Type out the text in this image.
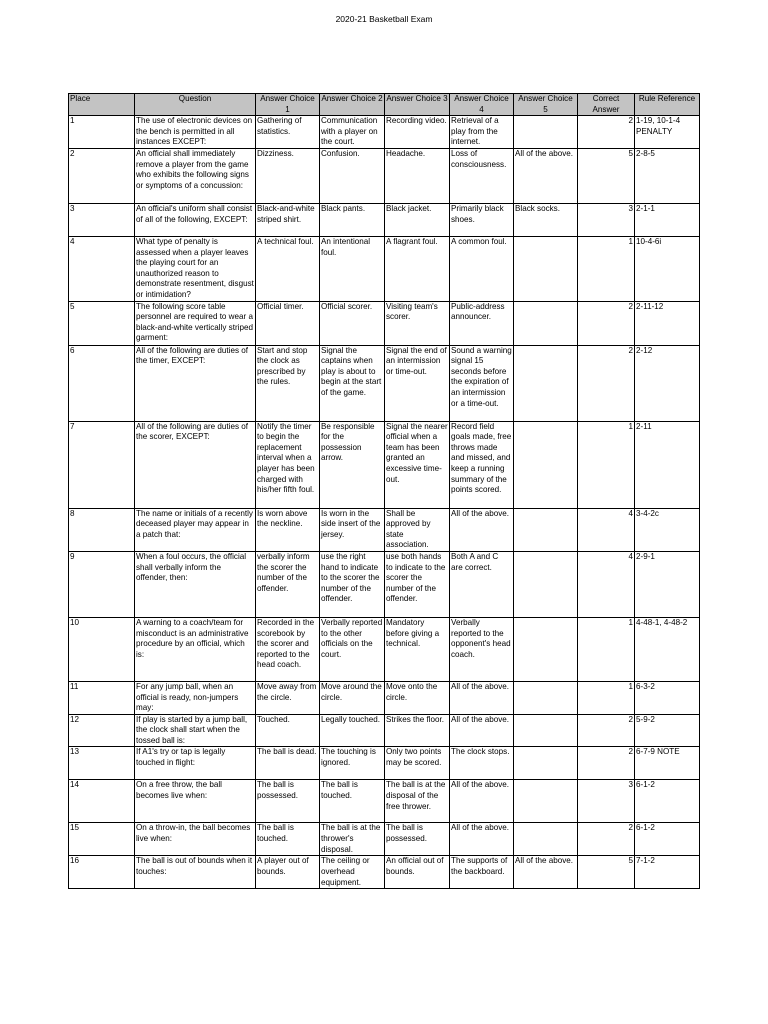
2020-21 Basketball Exam
Place	Question	Answer Choice 1	Answer Choice 2	Answer Choice 3	Answer Choice 4	Answer Choice 5	Correct Answer	Rule Reference
1	The use of electronic devices on the bench is permitted in all instances EXCEPT:	Gathering of statistics.	Communication with a player on the court.	Recording video.	Retrieval of a play from the internet.		2	1-19, 10-1-4 PENALTY
2	An official shall immediately remove a player from the game who exhibits the following signs or symptoms of a concussion:	Dizziness.	Confusion.	Headache.	Loss of consciousness.	All of the above.	5	2-8-5
3	An official's uniform shall consist of all of the following, EXCEPT:	Black-and-white striped shirt.	Black pants.	Black jacket.	Primarily black shoes.	Black socks.	3	2-1-1
4	What type of penalty is assessed when a player leaves the playing court for an unauthorized reason to demonstrate resentment, disgust or intimidation?	A technical foul.	An intentional foul.	A flagrant foul.	A common foul.		1	10-4-6i
5	The following score table personnel are required to wear a black-and-white vertically striped garment:	Official timer.	Official scorer.	Visiting team's scorer.	Public-address announcer.		2	2-11-12
6	All of the following are duties of the timer, EXCEPT:	Start and stop the clock as prescribed by the rules.	Signal the captains when play is about to begin at the start of the game.	Signal the end of an intermission or time-out.	Sound a warning signal 15 seconds before the expiration of an intermission or a time-out.		2	2-12
7	All of the following are duties of the scorer, EXCEPT:	Notify the timer to begin the replacement interval when a player has been charged with his/her fifth foul.	Be responsible for the possession arrow.	Signal the nearer official when a team has been granted an excessive time-out.	Record field goals made, free throws made and missed, and keep a running summary of the points scored.		1	2-11
8	The name or initials of a recently deceased player may appear in a patch that:	Is worn above the neckline.	Is worn in the side insert of the jersey.	Shall be approved by state association.	All of the above.		4	3-4-2c
9	When a foul occurs, the official shall verbally inform the offender, then:	verbally inform the scorer the number of the offender.	use the right hand to indicate to the scorer the number of the offender.	use both hands to indicate to the scorer the number of the offender.	Both A and C are correct.		4	2-9-1
10	A warning to a coach/team for misconduct is an administrative procedure by an official, which is:	Recorded in the scorebook by the scorer and reported to the head coach.	Verbally reported to the other officials on the court.	Mandatory before giving a technical.	Verbally reported to the opponent's head coach.		1	4-48-1, 4-48-2
11	For any jump ball, when an official is ready, non-jumpers may:	Move away from the circle.	Move around the circle.	Move onto the circle.	All of the above.		1	6-3-2
12	If play is started by a jump ball, the clock shall start when the tossed ball is:	Touched.	Legally touched.	Strikes the floor.	All of the above.		2	5-9-2
13	If A1's try or tap is legally touched in flight:	The ball is dead.	The touching is ignored.	Only two points may be scored.	The clock stops.		2	6-7-9 NOTE
14	On a free throw, the ball becomes live when:	The ball is possessed.	The ball is touched.	The ball is at the disposal of the free thrower.	All of the above.		3	6-1-2
15	On a throw-in, the ball becomes live when:	The ball is touched.	The ball is at the thrower's disposal.	The ball is possessed.	All of the above.		2	6-1-2
16	The ball is out of bounds when it touches:	A player out of bounds.	The ceiling or overhead equipment.	An official out of bounds.	The supports of the backboard.	All of the above.	5	7-1-2
